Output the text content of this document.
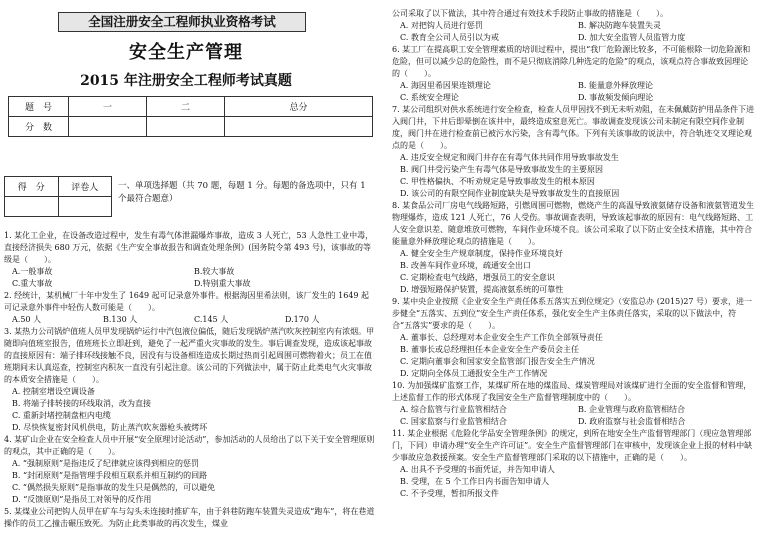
全国注册安全工程师执业资格考试
安全生产管理
2015 年注册安全工程师考试真题
题　号	一	二	总分
分　数			
得　分	评卷人
	一、单项选择题（共 70 题，每题 1 分。每题的备选项中，只有 1 个最符合题意）
1. 某化工企业，在设备改造过程中，发生有毒气体泄漏爆炸事故，造成 3 人死亡，53 人急性工业中毒，直接经济损失 680 万元，依据《生产安全事故报告和调查处理条例》(国务院令第 493 号)，该事故的等级是（　　）。
A.一般事故	B.较大事故
C.重大事故	D.特别重大事故
2. 经统计，某机械厂十年中发生了 1649 起可记录意外事件。根据海因里希法则，该厂发生的 1649 起可记录意外事件中轻伤人数可能是（　　）。
A.50 人	B.130 人	C.145 人	D.170 人
3. 某热力公司锅炉值班人员甲发现锅炉运行中汽包液位偏低，随后发现锅炉蒸汽吹灰控制室内有浓烟。甲随即向值班室报告，值班班长立即赶到，避免了一起严重火灾事故的发生。事后调查发现，造成该起事故的直接原因有：端子排环线接触不良，因没有与设备相连造成长期过热而引起周围可燃物着火；员工在值班期间未认真巡查，控制室内积灰一直没有引起注意。该公司的下列做法中，属于防止此类电气火灾事故的本质安全措施是（　　）。
A. 控制室增设空调设备
B. 将端子排转接的环线取消，改为直接
C. 重新封堵控制盘柜内电缆
D. 尽快恢复密封风机供电，防止蒸汽吹灰器枪头被烤坏
4. 某矿山企业在安全检查人员中开展“安全原理讨论活动”，参加活动的人员给出了以下关于安全管理原则的观点，其中正确的是（　　）。
A. “强制原则”是指违反了纪律就应该得到相应的惩罚
B. “封闭原则”是指管理手段相互联系并相互制约的回路
C. “偶然损失原则”是指事故的发生只是偶然的，可以避免
D. “反馈原则”是指员工对领导的反作用
5. 某煤业公司把钩人员甲在矿车与勾头未连接时推矿车，由于斜巷防跑车装置失灵造成“跑车”，将在巷道操作的员工乙撞击碾压致死。为防止此类事故的再次发生，煤业
公司采取了以下做法，其中符合通过有效技术手段防止事故的措施是（　　）。
A. 对把钩人员进行惩罚	B. 解决防跑车装置失灵
C. 教育全公司人员引以为戒	D. 加大安全监管人员监管力度
6. 某工厂在提高职工安全管理素质的培训过程中，提出“我厂危险源比较多，不可能根除一切危险源和危险，但可以减少总的危险性，而不是只彻底消除几种选定的危险”的观点，该观点符合事故致因理论的（　　）。
A. 海因里希因果连锁理论	B. 能量意外释放理论
C. 系统安全理论	D. 事故频发倾向理论
7. 某公司组织对供水系统进行安全检查，检查人员甲因找不到无未听劝阻，在未佩戴防护用品条件下进入阀门井，下井后即晕倒在该井中，最终造成窒息死亡。事故调查发现该公司未制定有限空间作业制度，阀门井在进行检查前已被污水污染，含有毒气体。下列有关该事故的说法中，符合轨迹交叉理论观点的是（　　）。
A. 违反安全规定和阀门井存在有毒气体共同作用导致事故发生
B. 阀门井受污染产生有毒气体是导致事故发生的主要原因
C. 甲性格偏执、不听劝规定是导致事故发生的根本原因
D. 该公司的有限空间作业制度缺失是导致事故发生的直接原因
8. 某食品公司厂房电气线路短路，引燃周围可燃物，燃烧产生的高温导致液氨储存设备和液氨管道发生物理爆炸，造成 121 人死亡，76 人受伤。事故调查表明，导致该起事故的原因有：电气线路短路、工人安全意识差、随意堆放可燃物，车间作业环境不良。该公司采取了以下防止安全技术措施，其中符合能量意外释放理论观点的措施是（　　）。
A. 健全安全生产规章制度，保持作业环境良好
B. 改善车间作业环境，疏通安全出口
C. 定期检查电气线路，增强员工的安全意识
D. 增强短路保护装置，提高液氨系统的可靠性
9. 某中央企业按照《企业安全生产责任体系五落实五到位规定》（安监总办 (2015)27 号）要求，进一步健全“五落实、五到位”安全生产责任体系，强化安全生产主体责任落实，采取的以下做法中，符合“五落实”要求的是（　　）。
A. 董事长、总经理对本企业安全生产工作负全部领导责任
B. 董事长或总经理担任本企业安全生产委员会主任
C. 定期向董事会和国家安全监管部门报告安全生产情况
D. 定期向全体员工通报安全生产工作情况
10. 为加强煤矿监察工作，某煤矿所在地的煤监局、煤炭管理局对该煤矿进行全面的安全监督和管理，上述监督工作的形式体现了我国安全生产监督管理制度中的（　　）。
A. 综合监管与行业监管相结合	B. 企业管理与政府监管相结合
C. 国家监察与行业监管相结合	D. 政府监察与社会监督相结合
11. 某企业根据《危险化学品安全管理条例》的规定，到所在地安全生产监督管理部门（现应急管理部门，下同）申请办理“安全生产许可证”。安全生产监督管理部门在审核中，发现该企业上报的材料中缺少事故应急救援预案。安全生产监督管理部门采取的以下措施中，正确的是（　　）。
A. 出具不予受理的书面凭证，并告知申请人
B. 受理，在 5 个工作日内书面告知申请人
C. 不予受理，暂扣所报文件
